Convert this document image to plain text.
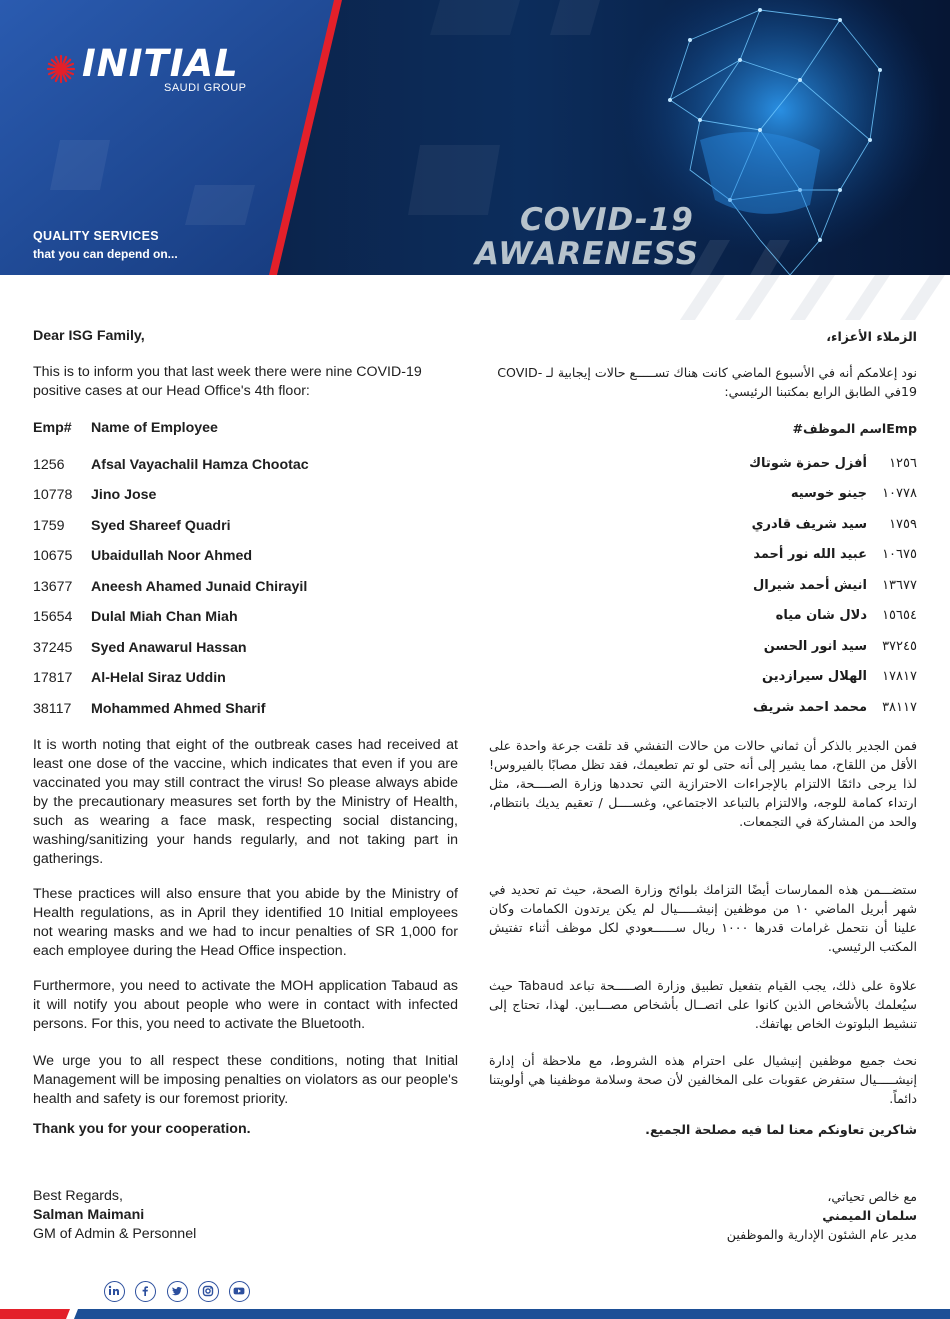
INITIAL
SAUDI GROUP
QUALITY SERVICES
that you can depend on...
COVID-19
AWARENESS
Dear ISG Family,
This is to inform you that last week there were nine COVID-19 positive cases at our Head Office's 4th floor:
Emp# Name of Employee
1256 Afsal Vayachalil Hamza Chootac
10778 Jino Jose
1759 Syed Shareef Quadri
10675 Ubaidullah Noor Ahmed
13677 Aneesh Ahamed Junaid Chirayil
15654 Dulal Miah Chan Miah
37245 Syed Anawarul Hassan
17817 Al-Helal Siraz Uddin
38117 Mohammed Ahmed Sharif
It is worth noting that eight of the outbreak cases had received at least one dose of the vaccine, which indicates that even if you are vaccinated you may still contract the virus! So please always abide by the precautionary measures set forth by the Ministry of Health, such as wearing a face mask, respecting social distancing, washing/sanitizing your hands regularly, and not taking part in gatherings.
These practices will also ensure that you abide by the Ministry of Health regulations, as in April they identified 10 Initial employees not wearing masks and we had to incur penalties of SR 1,000 for each employee during the Head Office inspection.
Furthermore, you need to activate the MOH application Tabaud as it will notify you about people who were in contact with infected persons. For this, you need to activate the Bluetooth.
We urge you to all respect these conditions, noting that Initial Management will be imposing penalties on violators as our people's health and safety is our foremost priority.
Thank you for your cooperation.
Best Regards,
Salman Maimani
GM of Admin & Personnel
الزملاء الأعزاء،
نود إعلامكم أنه في الأسبوع الماضي كانت هناك تســـــع حالات إيجابية لـ COVID-19في الطابق الرابع بمكتبنا الرئيسي:
Empاسم الموظف#
١٢٥٦
أفزل حمزة شوتاك
١٠٧٧٨
جينو خوسيه
١٧٥٩
سيد شريف قادري
١٠٦٧٥
عبيد الله نور أحمد
١٣٦٧٧
انيش أحمد شيرال
١٥٦٥٤
دلال شان مياه
٣٧٢٤٥
سيد انور الحسن
١٧٨١٧
الهلال سيرازدين
٣٨١١٧
محمد احمد شريف
فمن الجدير بالذكر أن ثماني حالات من حالات التفشي قد تلقت جرعة واحدة على الأقل من اللقاح، مما يشير إلى أنه حتى لو تم تطعيمك، فقد تظل مصابًا بالفيروس! لذا يرجى دائمًا الالتزام بالإجراءات الاحترازية التي تحددها وزارة الصــــحة، مثل ارتداء كمامة للوجه، والالتزام بالتباعد الاجتماعي، وغســــل / تعقيم يديك بانتظام، والحد من المشاركة في التجمعات.
ستضـــمن هذه الممارسات أيضًا التزامك بلوائح وزارة الصحة، حيث تم تحديد في شهر أبريل الماضي ١٠ من موظفين إنيشـــــيال لم يكن يرتدون الكمامات وكان علينا أن نتحمل غرامات قدرها ١٠٠٠ ريال ســــــعودي لكل موظف أثناء تفتيش المكتب الرئيسي.
علاوة على ذلك، يجب القيام بتفعيل تطبيق وزارة الصـــــحة تباعد Tabaud حيث سيُعلمك بالأشخاص الذين كانوا على اتصــال بأشخاص مصـــابين. لهذا، تحتاج إلى تنشيط البلوتوث الخاص بهاتفك.
نحث جميع موظفين إنيشيال على احترام هذه الشروط، مع ملاحظة أن إدارة إنيشـــــيال ستفرض عقوبات على المخالفين لأن صحة وسلامة موظفينا هي أولويتنا دائماً.
شاكرين تعاونكم معنا لما فيه مصلحة الجميع.
مع خالص تحياتي،
سلمان الميمني
مدير عام الشئون الإدارية والموظفين
